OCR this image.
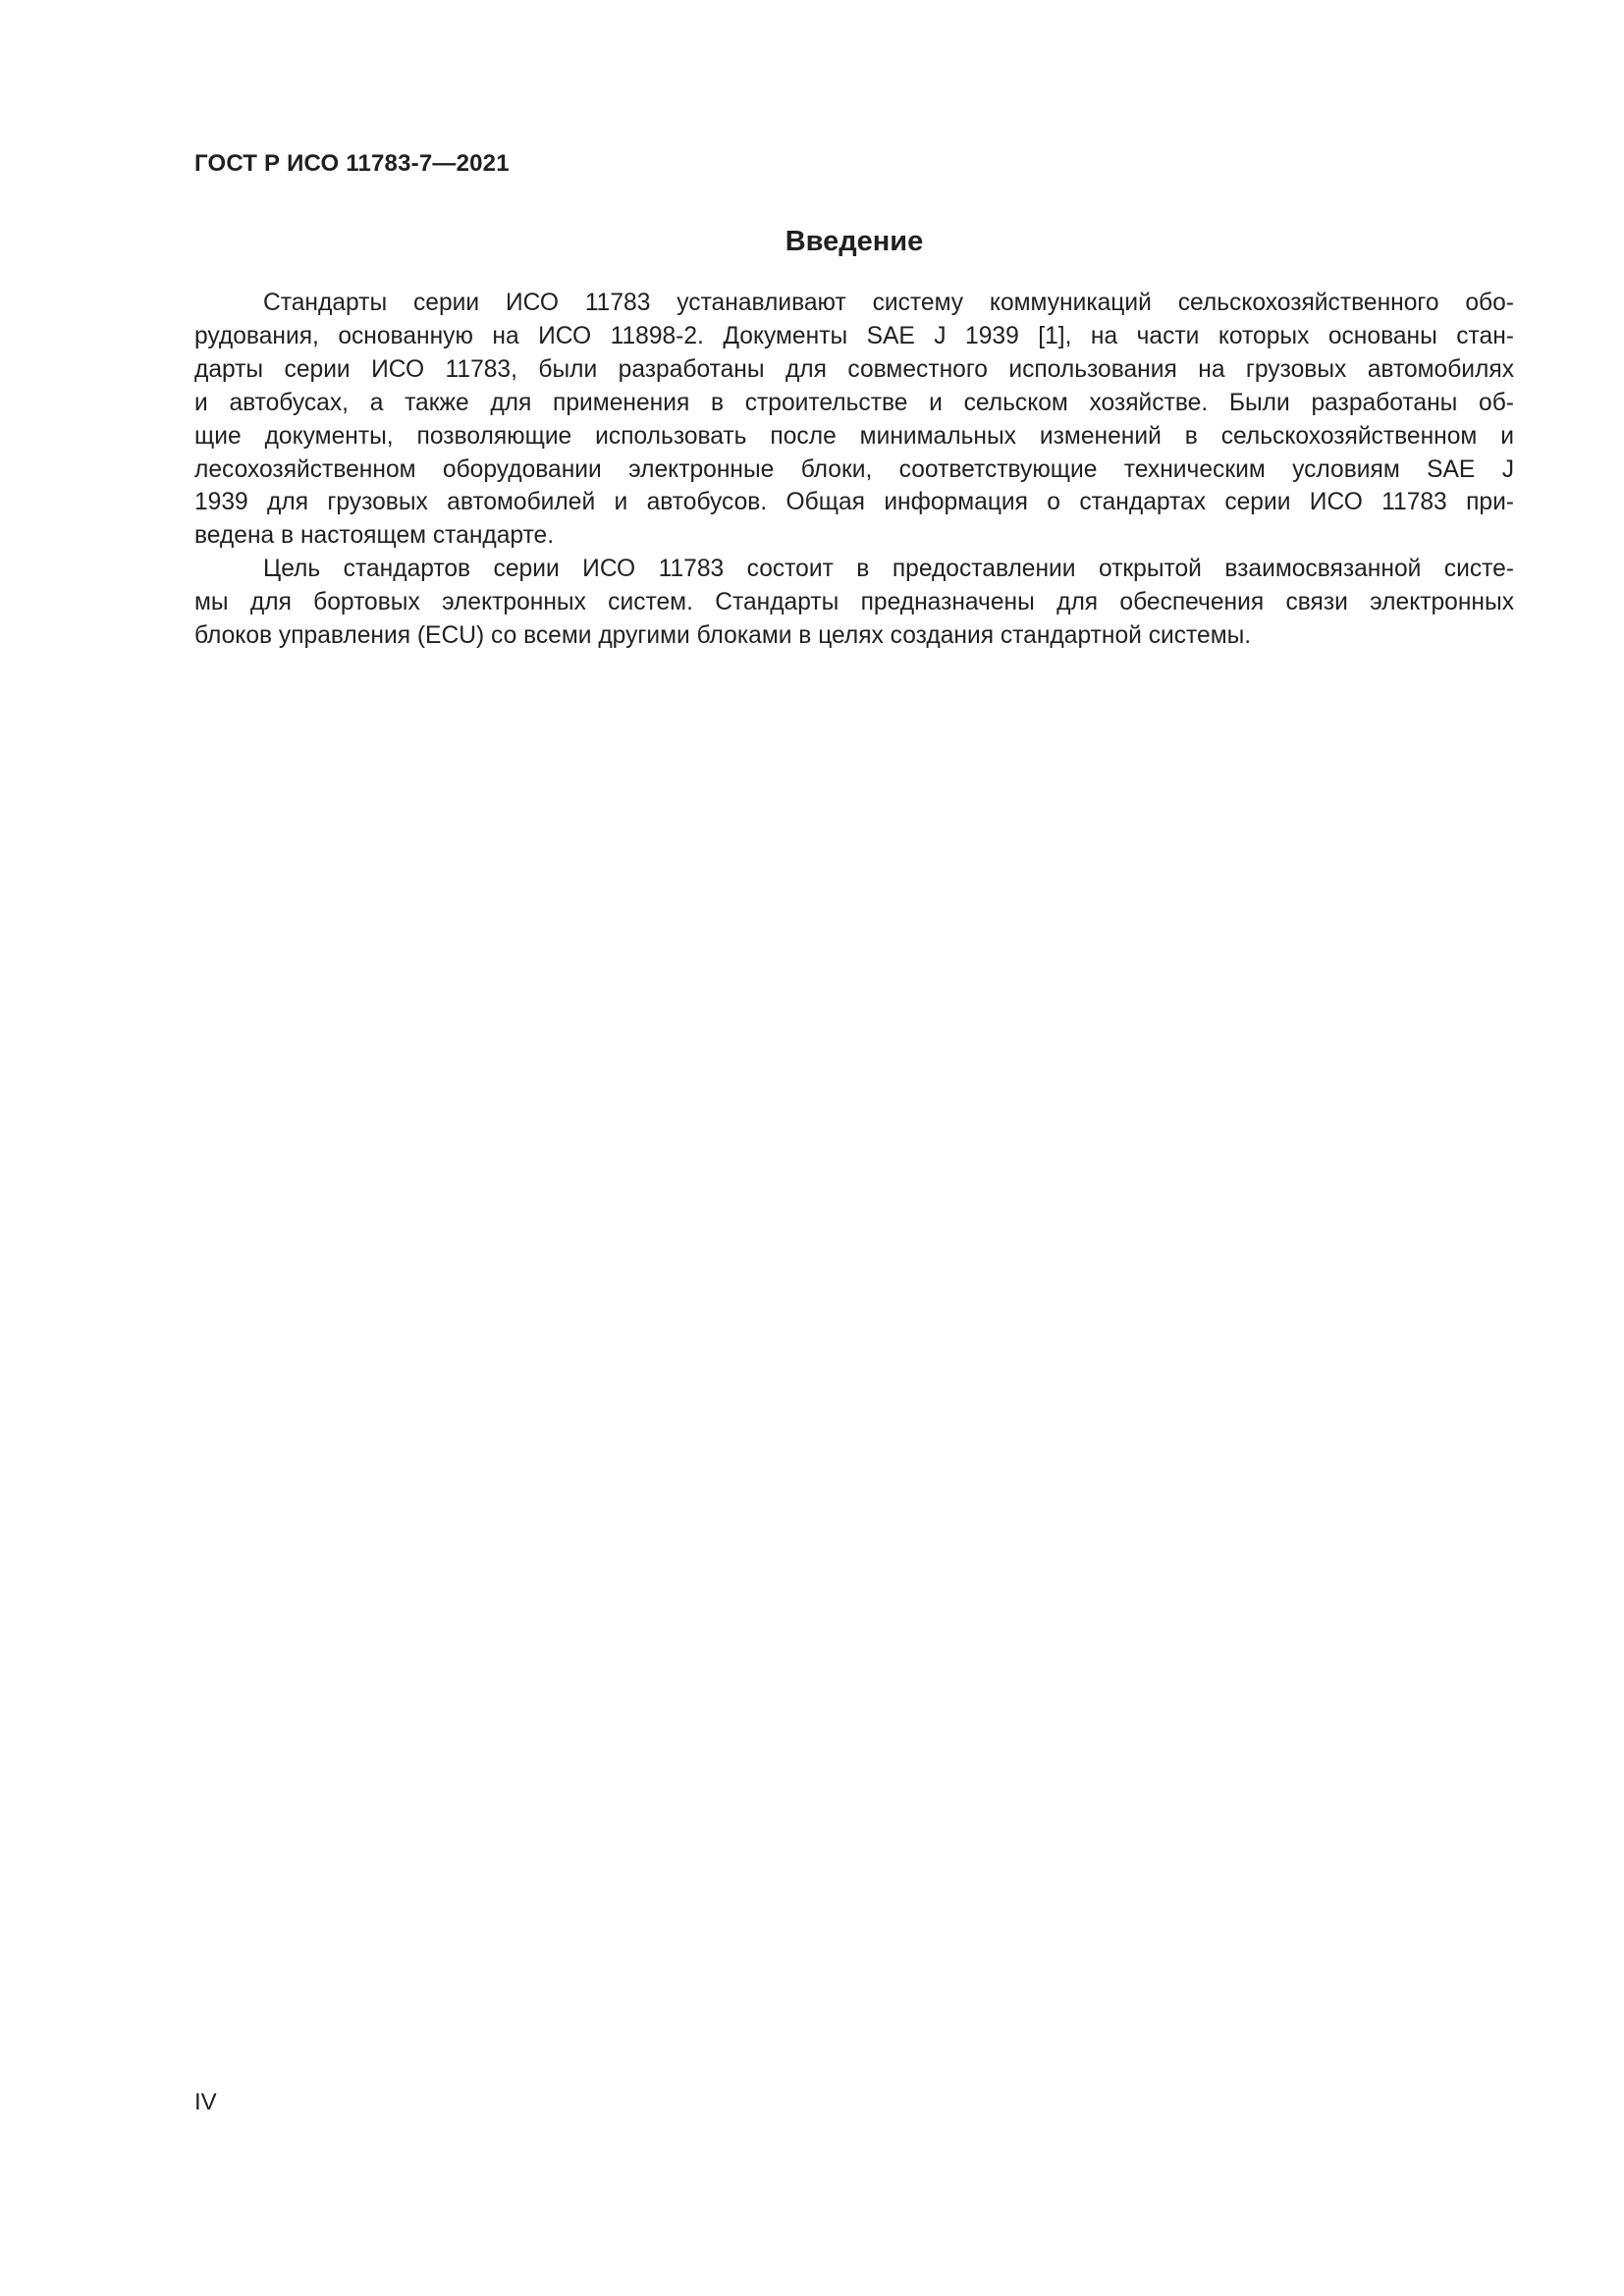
ГОСТ Р ИСО 11783-7—2021
Введение

Стандарты серии ИСО 11783 устанавливают систему коммуникаций сельскохозяйственного обо-
рудования, основанную на ИСО 11898-2. Документы SAE J 1939 [1], на части которых основаны стан-
дарты серии ИСО 11783, были разработаны для совместного использования на грузовых автомобилях
и автобусах, а также для применения в строительстве и сельском хозяйстве. Были разработаны об-
щие документы, позволяющие использовать после минимальных изменений в сельскохозяйственном и
лесохозяйственном оборудовании электронные блоки, соответствующие техническим условиям SAE J
1939 для грузовых автомобилей и автобусов. Общая информация о стандартах серии ИСО 11783 при-
ведена в настоящем стандарте.

Цель стандартов серии ИСО 11783 состоит в предоставлении открытой взаимосвязанной систе-
мы для бортовых электронных систем. Стандарты предназначены для обеспечения связи электронных
блоков управления (ECU) со всеми другими блоками в целях создания стандартной системы.

IV
